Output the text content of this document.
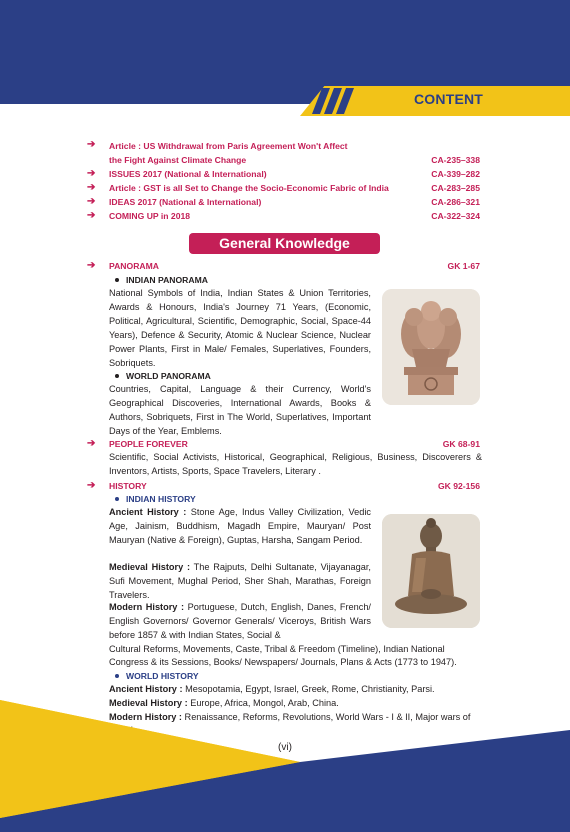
CONTENT
➔ Article : US Withdrawal from Paris Agreement Won't Affect
the Fight Against Climate Change	CA-235–338
➔ ISSUES 2017 (National & International)	CA-339–282
➔ Article : GST is all Set to Change the Socio-Economic Fabric of India	CA-283–285
➔ IDEAS 2017 (National & International)	CA-286–321
➔ COMING UP in 2018	CA-322–324
General Knowledge
➔ PANORAMA	GK 1-67
INDIAN PANORAMA
National Symbols of India, Indian States & Union Territories, Awards & Honours, India's Journey 71 Years, (Economic, Political, Agricultural, Scientific, Demographic, Social, Space-44 Years), Defence & Security, Atomic & Nuclear Science, Nuclear Power Plants, First in Male/ Females, Superlatives, Founders, Sobriquets.
WORLD PANORAMA
Countries, Capital, Language & their Currency, World's Geographical Discoveries, International Awards, Books & Authors, Sobriquets, First in The World, Superlatives, Important Days of the Year, Emblems.
➔ PEOPLE FOREVER	GK 68-91
Scientific, Social Activists, Historical, Geographical, Religious, Business, Discoverers & Inventors, Artists, Sports, Space Travelers, Literary .
➔ HISTORY	GK 92-156
INDIAN HISTORY
Ancient History : Stone Age, Indus Valley Civilization, Vedic Age, Jainism, Buddhism, Magadh Empire, Mauryan/ Post Mauryan (Native & Foreign), Guptas, Harsha, Sangam Period.
Medieval History : The Rajputs, Delhi Sultanate, Vijayanagar, Sufi Movement, Mughal Period, Sher Shah, Marathas, Foreign Travelers.
Modern History : Portuguese, Dutch, English, Danes, French/ English Governors/ Governor Generals/ Viceroys, British Wars before 1857 & with Indian States, Social &
Cultural Reforms, Movements, Caste, Tribal & Freedom (Timeline), Indian National
Congress & its Sessions, Books/ Newspapers/ Journals, Plans & Acts (1773 to 1947).
WORLD HISTORY
Ancient History : Mesopotamia, Egypt, Israel, Greek, Rome, Christianity, Parsi.
Medieval History : Europe, Africa, Mongol, Arab, China.
Modern History : Renaissance, Reforms, Revolutions, World Wars - I & II, Major wars of
(vi)
